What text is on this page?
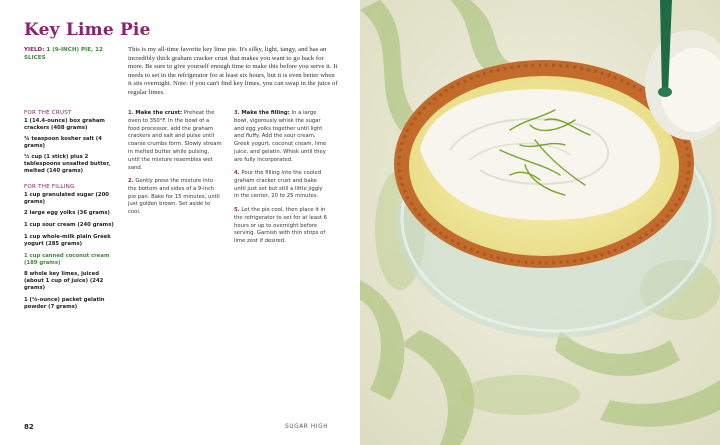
Key Lime Pie
YIELD: 1 (9-INCH) PIE, 12 SLICES

This is my all-time favorite key lime pie. It's silky, light, tangy, and has an incredibly thick graham cracker crust that makes you want to go back for more. Be sure to give yourself enough time to make this before you serve it. It needs to set in the refrigerator for at least six hours, but it is even better when it sits overnight. Note: if you can't find key limes, you can swap in the juice of regular limes.

FOR THE CRUST
1 (14.4-ounce) box graham crackers (408 grams)
¾ teaspoon kosher salt (4 grams)
½ cup (1 stick) plus 2 tablespoons unsalted butter, melted (140 grams)
FOR THE FILLING
1 cup granulated sugar (200 grams)
2 large egg yolks (36 grams)
1 cup sour cream (240 grams)
1 cup whole-milk plain Greek yogurt (285 grams)
1 cup canned coconut cream (189 grams)
8 whole key limes, juiced (about 1 cup of juice) (242 grams)
1 (¼-ounce) packet gelatin powder (7 grams)
1. Make the crust: Preheat the oven to 350°F. In the bowl of a food processor, add the graham crackers and salt and pulse until coarse crumbs form. Slowly stream in melted butter while pulsing, until the mixture resembles wet sand.
2. Gently press the mixture into the bottom and sides of a 9-inch pie pan. Bake for 15 minutes, until just golden brown. Set aside to cool.
3. Make the filling: In a large bowl, vigorously whisk the sugar and egg yolks together until light and fluffy. Add the sour cream, Greek yogurt, coconut cream, lime juice, and gelatin. Whisk until they are fully incorporated.
4. Pour the filling into the cooled graham cracker crust and bake until just set but still a little jiggly in the center, 20 to 25 minutes.
5. Let the pie cool, then place it in the refrigerator to set for at least 6 hours or up to overnight before serving. Garnish with thin strips of lime zest if desired.
82	SUGAR HIGH
